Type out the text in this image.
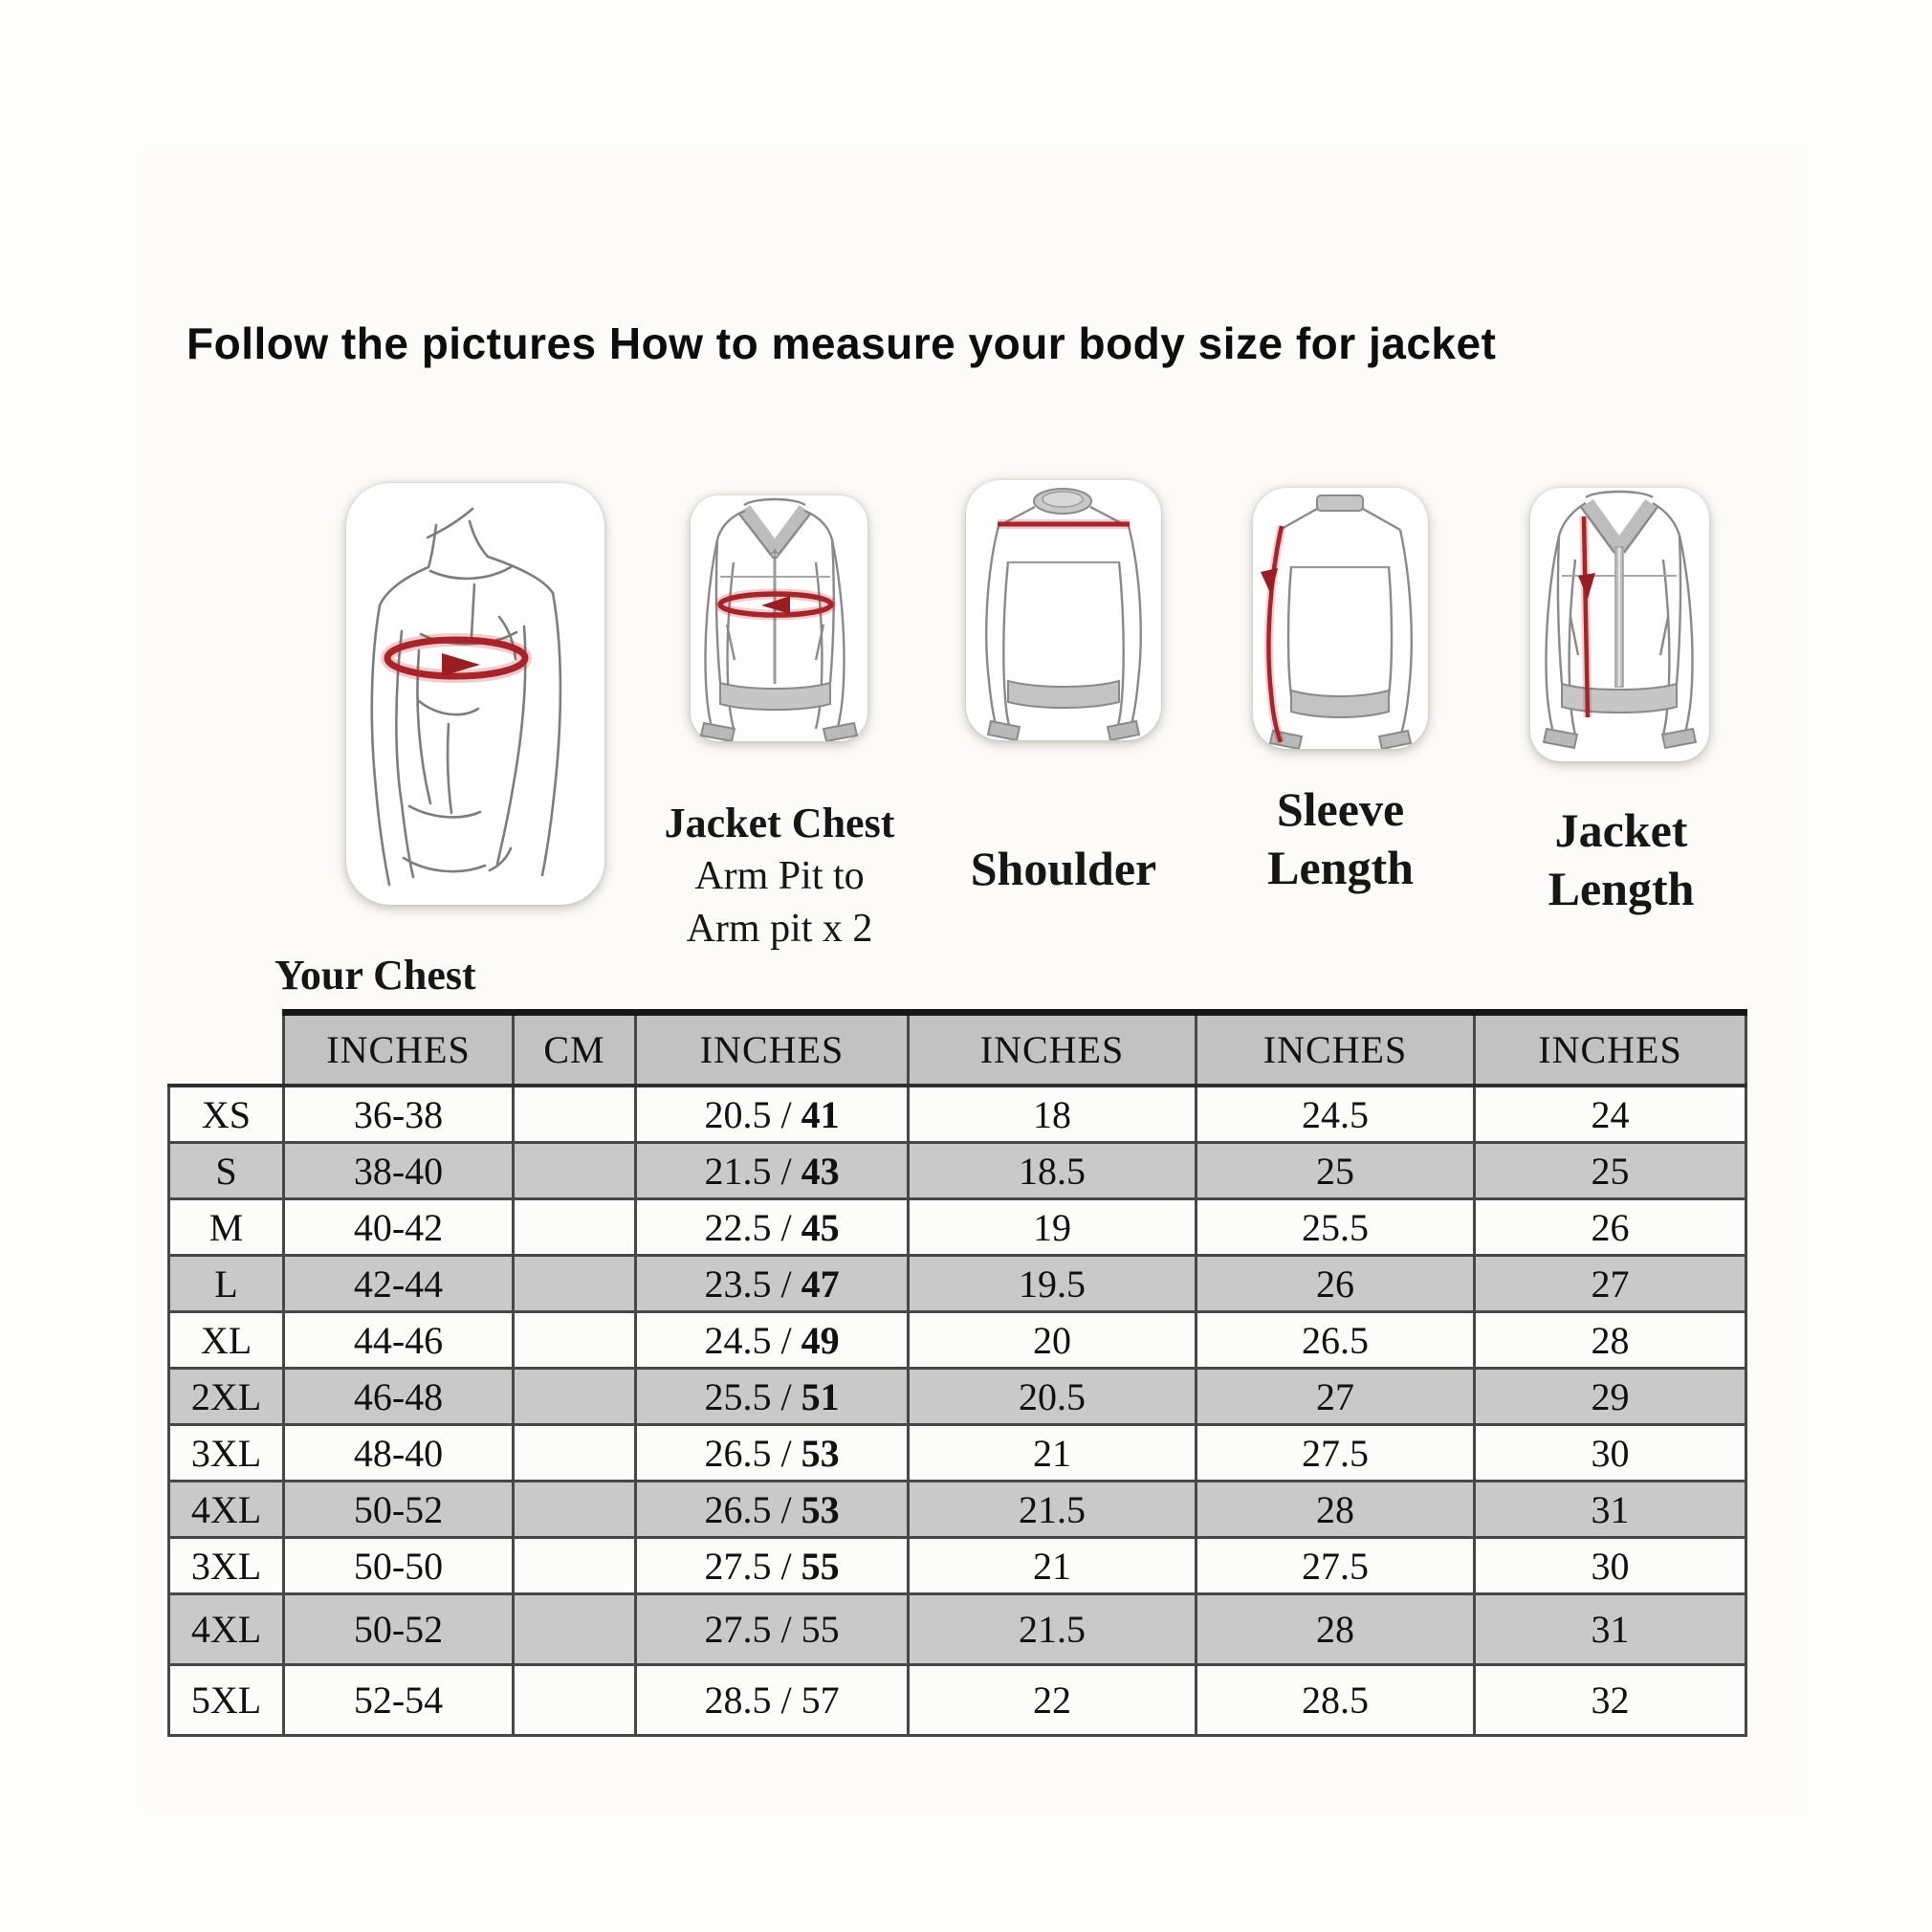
Follow the pictures How to measure your body size for jacket
Jacket Chest
Arm Pit to
Arm pit x 2
Shoulder
Sleeve Length
Jacket Length
Your Chest
	INCHES	CM	INCHES	INCHES	INCHES	INCHES
XS	36-38		20.5 / 41	18	24.5	24
S	38-40		21.5 / 43	18.5	25	25
M	40-42		22.5 / 45	19	25.5	26
L	42-44		23.5 / 47	19.5	26	27
XL	44-46		24.5 / 49	20	26.5	28
2XL	46-48		25.5 / 51	20.5	27	29
3XL	48-40		26.5 / 53	21	27.5	30
4XL	50-52		26.5 / 53	21.5	28	31
3XL	50-50		27.5 / 55	21	27.5	30
4XL	50-52		27.5 / 55	21.5	28	31
5XL	52-54		28.5 / 57	22	28.5	32
